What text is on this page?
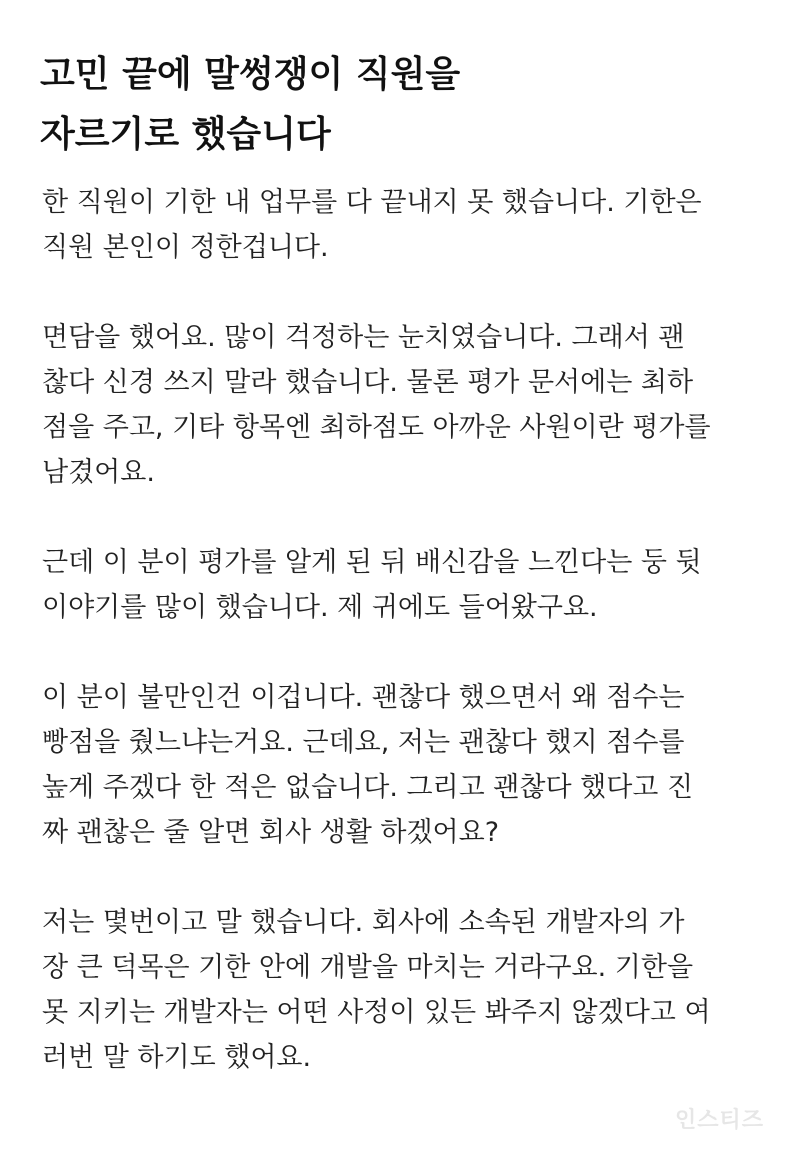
고민 끝에 말썽쟁이 직원을
자르기로 했습니다

한 직원이 기한 내 업무를 다 끝내지 못 했습니다. 기한은
직원 본인이 정한겁니다.

면담을 했어요. 많이 걱정하는 눈치였습니다. 그래서 괜
찮다 신경 쓰지 말라 했습니다. 물론 평가 문서에는 최하
점을 주고, 기타 항목엔 최하점도 아까운 사원이란 평가를
남겼어요.

근데 이 분이 평가를 알게 된 뒤 배신감을 느낀다는 둥 뒷
이야기를 많이 했습니다. 제 귀에도 들어왔구요.

이 분이 불만인건 이겁니다. 괜찮다 했으면서 왜 점수는
빵점을 줬느냐는거요. 근데요, 저는 괜찮다 했지 점수를
높게 주겠다 한 적은 없습니다. 그리고 괜찮다 했다고 진
짜 괜찮은 줄 알면 회사 생활 하겠어요?

저는 몇번이고 말 했습니다. 회사에 소속된 개발자의 가
장 큰 덕목은 기한 안에 개발을 마치는 거라구요. 기한을
못 지키는 개발자는 어떤 사정이 있든 봐주지 않겠다고 여
러번 말 하기도 했어요.

인스티즈
